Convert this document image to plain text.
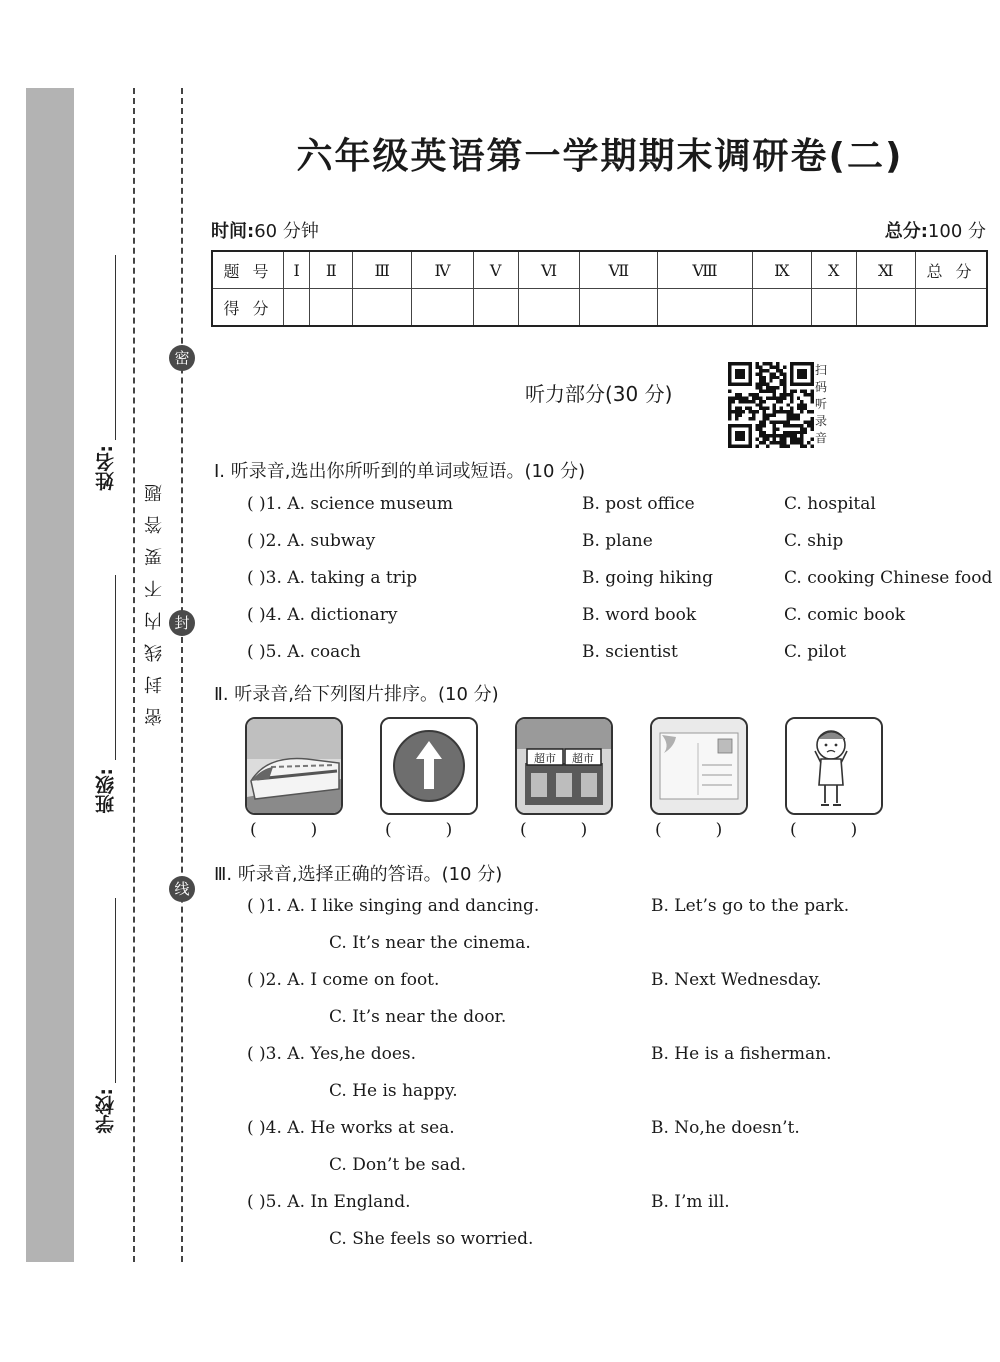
姓名:
班级:
学校:
密封线内不要答题
密
封
线
六年级英语第一学期期末调研卷(二)
时间:60 分钟	总分:100 分
题 号	Ⅰ	Ⅱ	Ⅲ	Ⅳ	Ⅴ	Ⅵ	Ⅶ	Ⅷ	Ⅸ	Ⅹ	Ⅺ	总 分
得 分												
听力部分(30 分)
扫码听录音
Ⅰ. 听录音,选出你所听到的单词或短语。(10 分)
( )1. A. science museum	B. post office	C. hospital
( )2. A. subway	B. plane	C. ship
( )3. A. taking a trip	B. going hiking	C. cooking Chinese food
( )4. A. dictionary	B. word book	C. comic book
( )5. A. coach	B. scientist	C. pilot
Ⅱ. 听录音,给下列图片排序。(10 分)
超市 超市
(          )	(          )	(          )	(          )	(          )
Ⅲ. 听录音,选择正确的答语。(10 分)
( )1. A. I like singing and dancing.	B. Let’s go to the park.
C. It’s near the cinema.
( )2. A. I come on foot.	B. Next Wednesday.
C. It’s near the door.
( )3. A. Yes,he does.	B. He is a fisherman.
C. He is happy.
( )4. A. He works at sea.	B. No,he doesn’t.
C. Don’t be sad.
( )5. A. In England.	B. I’m ill.
C. She feels so worried.
